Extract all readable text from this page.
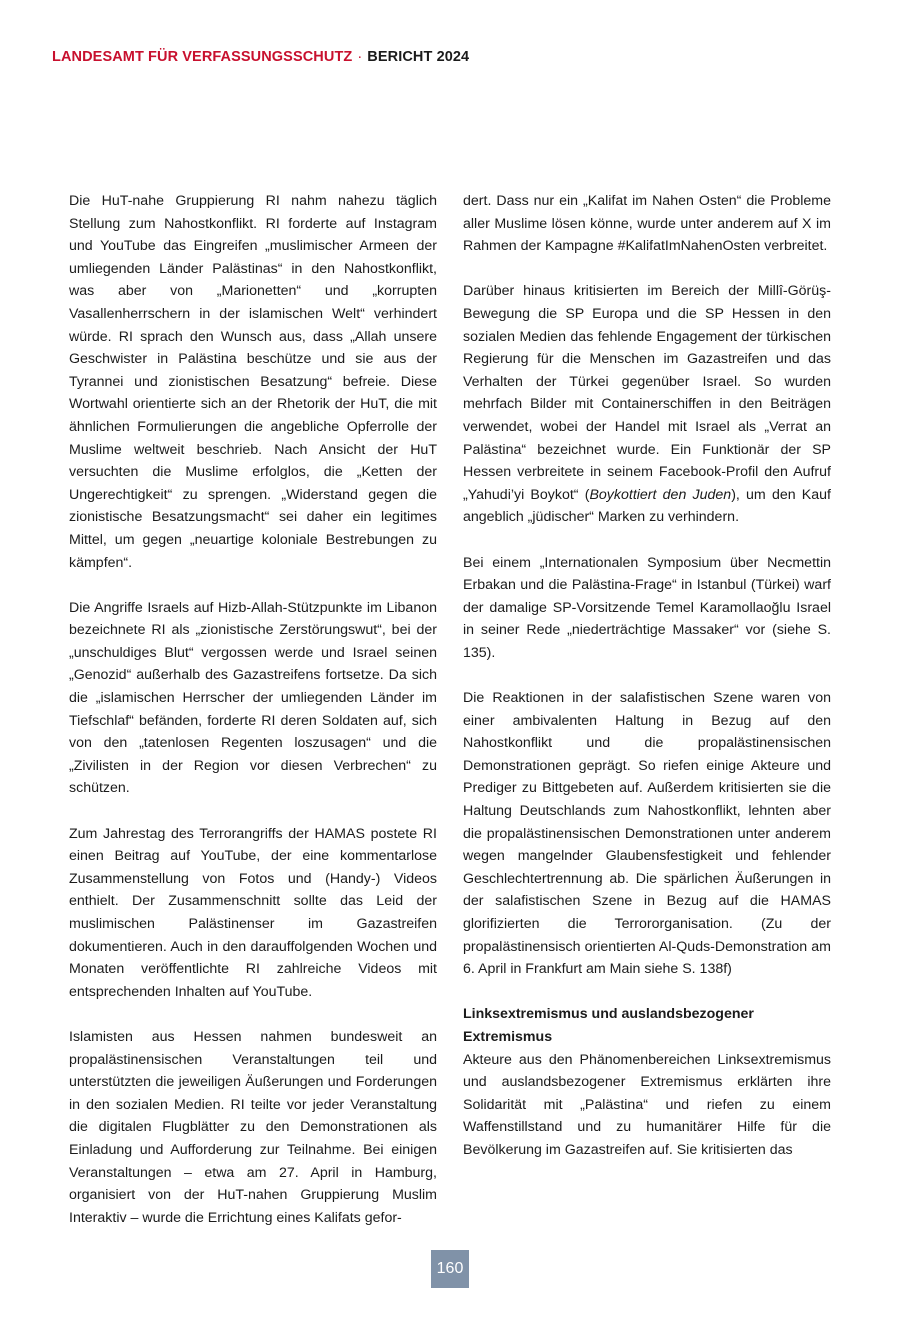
LANDESAMT FÜR VERFASSUNGSSCHUTZ · BERICHT 2024

Die HuT-nahe Gruppierung RI nahm nahezu täglich Stellung zum Nahostkonflikt. RI forderte auf Instagram und YouTube das Eingreifen „muslimischer Armeen der umliegenden Länder Palästinas“ in den Nahostkonflikt, was aber von „Marionetten“ und „korrupten Vasallenherrschern in der islamischen Welt“ verhindert würde. RI sprach den Wunsch aus, dass „Allah unsere Geschwister in Palästina beschütze und sie aus der Tyrannei und zionistischen Besatzung“ befreie. Diese Wortwahl orientierte sich an der Rhetorik der HuT, die mit ähnlichen Formulierungen die angebliche Opferrolle der Muslime weltweit beschrieb. Nach Ansicht der HuT versuchten die Muslime erfolglos, die „Ketten der Ungerechtigkeit“ zu sprengen. „Widerstand gegen die zionistische Besatzungsmacht“ sei daher ein legitimes Mittel, um gegen „neuartige koloniale Bestrebungen zu kämpfen“.

Die Angriffe Israels auf Hizb-Allah-Stützpunkte im Libanon bezeichnete RI als „zionistische Zerstörungswut“, bei der „unschuldiges Blut“ vergossen werde und Israel seinen „Genozid“ außerhalb des Gazastreifens fortsetze. Da sich die „islamischen Herrscher der umliegenden Länder im Tiefschlaf“ befänden, forderte RI deren Soldaten auf, sich von den „tatenlosen Regenten loszusagen“ und die „Zivilisten in der Region vor diesen Verbrechen“ zu schützen.

Zum Jahrestag des Terrorangriffs der HAMAS postete RI einen Beitrag auf YouTube, der eine kommentarlose Zusammenstellung von Fotos und (Handy-) Videos enthielt. Der Zusammenschnitt sollte das Leid der muslimischen Palästinenser im Gazastreifen dokumentieren. Auch in den darauffolgenden Wochen und Monaten veröffentlichte RI zahlreiche Videos mit entsprechenden Inhalten auf YouTube.

Islamisten aus Hessen nahmen bundesweit an propalästinensischen Veranstaltungen teil und unterstützten die jeweiligen Äußerungen und Forderungen in den sozialen Medien. RI teilte vor jeder Veranstaltung die digitalen Flugblätter zu den Demonstrationen als Einladung und Aufforderung zur Teilnahme. Bei einigen Veranstaltungen – etwa am 27. April in Hamburg, organisiert von der HuT-nahen Gruppierung Muslim Interaktiv – wurde die Errichtung eines Kalifats gefor-

dert. Dass nur ein „Kalifat im Nahen Osten“ die Probleme aller Muslime lösen könne, wurde unter anderem auf X im Rahmen der Kampagne #KalifatImNahenOsten verbreitet.

Darüber hinaus kritisierten im Bereich der Millî-Görüş-Bewegung die SP Europa und die SP Hessen in den sozialen Medien das fehlende Engagement der türkischen Regierung für die Menschen im Gazastreifen und das Verhalten der Türkei gegenüber Israel. So wurden mehrfach Bilder mit Containerschiffen in den Beiträgen verwendet, wobei der Handel mit Israel als „Verrat an Palästina“ bezeichnet wurde. Ein Funktionär der SP Hessen verbreitete in seinem Facebook-Profil den Aufruf „Yahudi’yi Boykot“ (Boykottiert den Juden), um den Kauf angeblich „jüdischer“ Marken zu verhindern.

Bei einem „Internationalen Symposium über Necmettin Erbakan und die Palästina-Frage“ in Istanbul (Türkei) warf der damalige SP-Vorsitzende Temel Karamollaoğlu Israel in seiner Rede „niederträchtige Massaker“ vor (siehe S. 135).

Die Reaktionen in der salafistischen Szene waren von einer ambivalenten Haltung in Bezug auf den Nahostkonflikt und die propalästinensischen Demonstrationen geprägt. So riefen einige Akteure und Prediger zu Bittgebeten auf. Außerdem kritisierten sie die Haltung Deutschlands zum Nahostkonflikt, lehnten aber die propalästinensischen Demonstrationen unter anderem wegen mangelnder Glaubensfestigkeit und fehlender Geschlechtertrennung ab. Die spärlichen Äußerungen in der salafistischen Szene in Bezug auf die HAMAS glorifizierten die Terrororganisation. (Zu der propalästinensisch orientierten Al-Quds-Demonstration am 6. April in Frankfurt am Main siehe S. 138f)

Linksextremismus und auslandsbezogener Extremismus

Akteure aus den Phänomenbereichen Linksextremismus und auslandsbezogener Extremismus erklärten ihre Solidarität mit „Palästina“ und riefen zu einem Waffenstillstand und zu humanitärer Hilfe für die Bevölkerung im Gazastreifen auf. Sie kritisierten das

160
